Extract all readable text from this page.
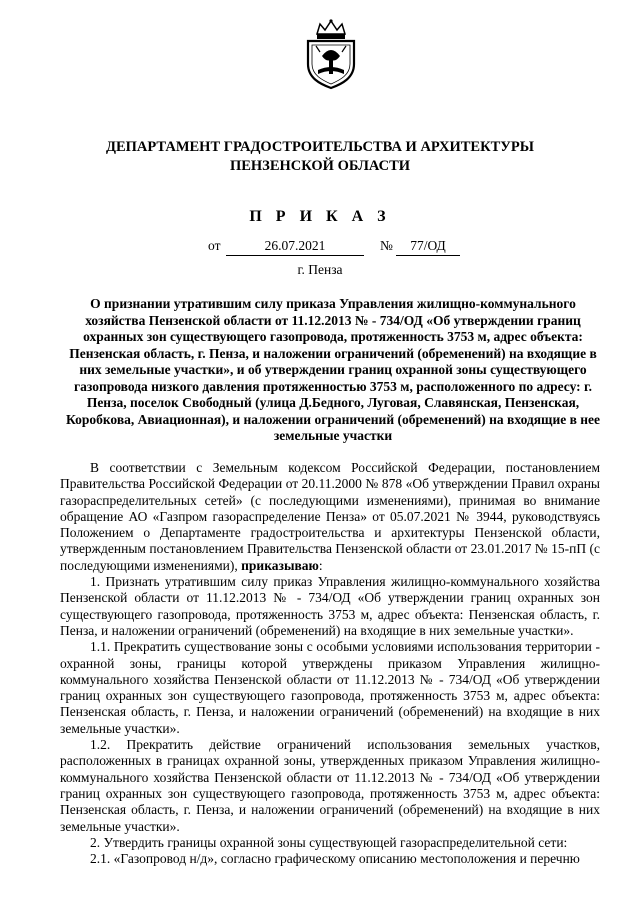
ДЕПАРТАМЕНТ ГРАДОСТРОИТЕЛЬСТВА И АРХИТЕКТУРЫ
ПЕНЗЕНСКОЙ ОБЛАСТИ
П Р И К А З
от	26.07.2021	№	77/ОД
г. Пенза
О признании утратившим силу приказа Управления жилищно-коммунального хозяйства Пензенской области от 11.12.2013 № - 734/ОД «Об утверждении границ охранных зон существующего газопровода, протяженность 3753 м, адрес объекта: Пензенская область, г. Пенза, и наложении ограничений (обременений) на входящие в них земельные участки», и об утверждении границ охранной зоны существующего газопровода низкого давления протяженностью 3753 м, расположенного по адресу: г. Пенза, поселок Свободный (улица Д.Бедного, Луговая, Славянская, Пензенская, Коробкова, Авиационная), и наложении ограничений (обременений) на входящие в нее земельные участки

В соответствии с Земельным кодексом Российской Федерации, постановлением Правительства Российской Федерации от 20.11.2000 № 878 «Об утверждении Правил охраны газораспределительных сетей» (с последующими изменениями), принимая во внимание обращение АО «Газпром газораспределение Пенза» от 05.07.2021 № 3944, руководствуясь Положением о Департаменте градостроительства и архитектуры Пензенской области, утвержденным постановлением Правительства Пензенской области от 23.01.2017 № 15-пП (с последующими изменениями), приказываю:

1. Признать утратившим силу приказ Управления жилищно-коммунального хозяйства Пензенской области от 11.12.2013 № - 734/ОД «Об утверждении границ охранных зон существующего газопровода, протяженность 3753 м, адрес объекта: Пензенская область, г. Пенза, и наложении ограничений (обременений) на входящие в них земельные участки».

1.1. Прекратить существование зоны с особыми условиями использования территории - охранной зоны, границы которой утверждены приказом Управления жилищно-коммунального хозяйства Пензенской области от 11.12.2013 № - 734/ОД «Об утверждении границ охранных зон существующего газопровода, протяженность 3753 м, адрес объекта: Пензенская область, г. Пенза, и наложении ограничений (обременений) на входящие в них земельные участки».

1.2. Прекратить действие ограничений использования земельных участков, расположенных в границах охранной зоны, утвержденных приказом Управления жилищно-коммунального хозяйства Пензенской области от 11.12.2013 № - 734/ОД «Об утверждении границ охранных зон существующего газопровода, протяженность 3753 м, адрес объекта: Пензенская область, г. Пенза, и наложении ограничений (обременений) на входящие в них земельные участки».

2. Утвердить границы охранной зоны существующей газораспределительной сети:

2.1. «Газопровод н/д», согласно графическому описанию местоположения и перечню
